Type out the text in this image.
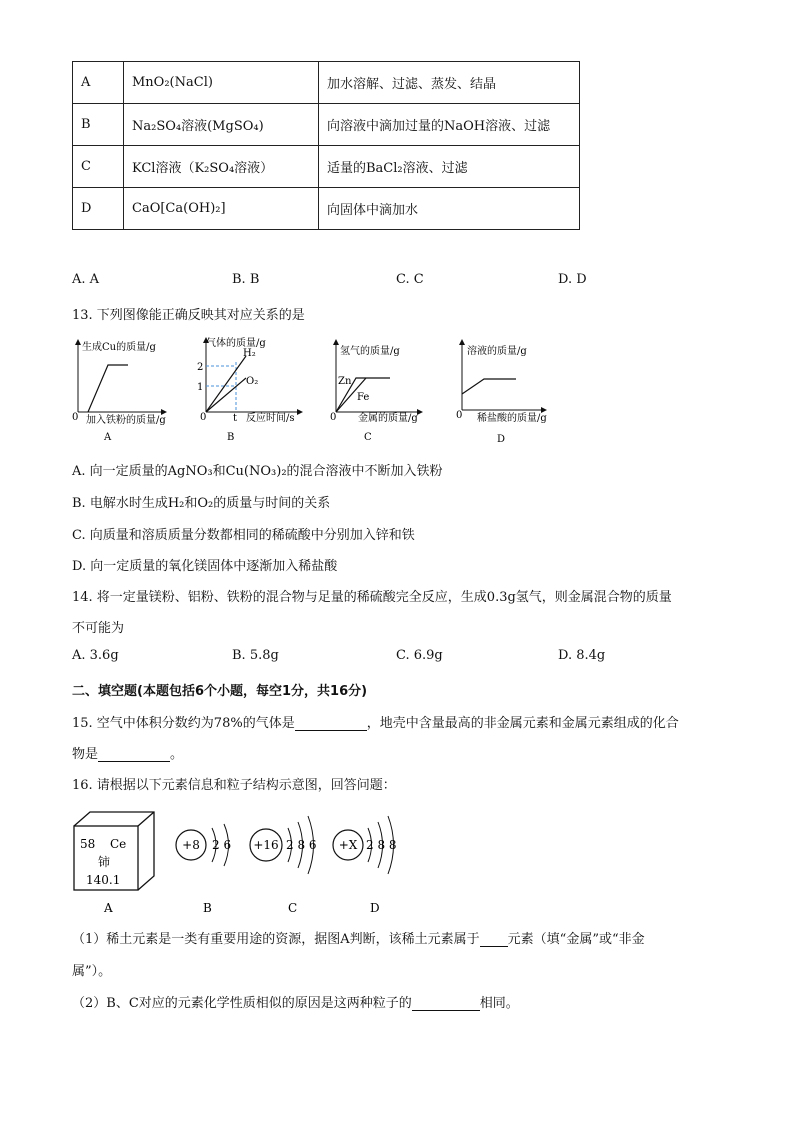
A	MnO₂(NaCl)	加水溶解、过滤、蒸发、结晶
B	Na₂SO₄溶液(MgSO₄)	向溶液中滴加过量的NaOH溶液、过滤
C	KCl溶液（K₂SO₄溶液）	适量的BaCl₂溶液、过滤
D	CaO[Ca(OH)₂]	向固体中滴加水
A. A	B. B	C. C	D. D
13. 下列图像能正确反映其对应关系的是
生成Cu的质量/g
0 加入铁粉的质量/g
A
气体的质量/g
2
1
H₂
O₂
0	t 反应时间/s
B
氢气的质量/g
Zn
Fe
0 金属的质量/g
C
溶液的质量/g
0 稀盐酸的质量/g
D
A. 向一定质量的AgNO₃和Cu(NO₃)₂的混合溶液中不断加入铁粉
B. 电解水时生成H₂和O₂的质量与时间的关系
C. 向质量和溶质质量分数都相同的稀硫酸中分别加入锌和铁
D. 向一定质量的氧化镁固体中逐渐加入稀盐酸
14. 将一定量镁粉、铝粉、铁粉的混合物与足量的稀硫酸完全反应，生成0.3g氢气，则金属混合物的质量
不可能为
A. 3.6g	B. 5.8g	C. 6.9g	D. 8.4g
二、填空题(本题包括6个小题，每空1分，共16分)
15. 空气中体积分数约为78%的气体是	，地壳中含量最高的非金属元素和金属元素组成的化合
物是	。
16. 请根据以下元素信息和粒子结构示意图，回答问题：
58 Ce
铈
140.1
A
+8 2 6
B
+16 2 8 6
C
+X 2 8 8
D
（1）稀土元素是一类有重要用途的资源，据图A判断，该稀土元素属于 元素（填“金属”或“非金
属”）。
（2）B、C对应的元素化学性质相似的原因是这两种粒子的	相同。
